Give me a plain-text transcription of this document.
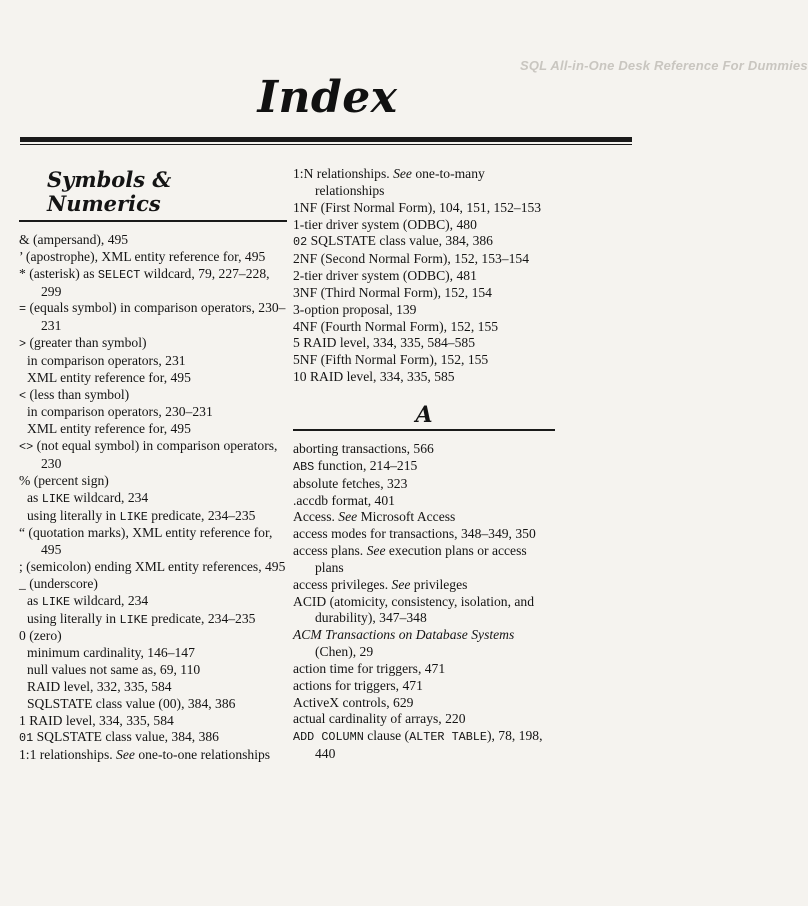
SQL All-in-One Desk Reference For Dummies
Index
Symbols & Numerics
& (ampersand), 495
’ (apostrophe), XML entity reference for, 495
* (asterisk) as SELECT wildcard, 79, 227–228, 299
= (equals symbol) in comparison operators, 230–231
> (greater than symbol)
in comparison operators, 231
XML entity reference for, 495
< (less than symbol)
in comparison operators, 230–231
XML entity reference for, 495
<> (not equal symbol) in comparison operators, 230
% (percent sign)
as LIKE wildcard, 234
using literally in LIKE predicate, 234–235
“ (quotation marks), XML entity reference for, 495
; (semicolon) ending XML entity references, 495
_ (underscore)
as LIKE wildcard, 234
using literally in LIKE predicate, 234–235
0 (zero)
minimum cardinality, 146–147
null values not same as, 69, 110
RAID level, 332, 335, 584
SQLSTATE class value (00), 384, 386
1 RAID level, 334, 335, 584
01 SQLSTATE class value, 384, 386
1:1 relationships. See one-to-one relationships
1:N relationships. See one-to-many relationships
1NF (First Normal Form), 104, 151, 152–153
1-tier driver system (ODBC), 480
02 SQLSTATE class value, 384, 386
2NF (Second Normal Form), 152, 153–154
2-tier driver system (ODBC), 481
3NF (Third Normal Form), 152, 154
3-option proposal, 139
4NF (Fourth Normal Form), 152, 155
5 RAID level, 334, 335, 584–585
5NF (Fifth Normal Form), 152, 155
10 RAID level, 334, 335, 585
A
aborting transactions, 566
ABS function, 214–215
absolute fetches, 323
.accdb format, 401
Access. See Microsoft Access
access modes for transactions, 348–349, 350
access plans. See execution plans or access plans
access privileges. See privileges
ACID (atomicity, consistency, isolation, and durability), 347–348
ACM Transactions on Database Systems (Chen), 29
action time for triggers, 471
actions for triggers, 471
ActiveX controls, 629
actual cardinality of arrays, 220
ADD COLUMN clause (ALTER TABLE), 78, 198, 440
